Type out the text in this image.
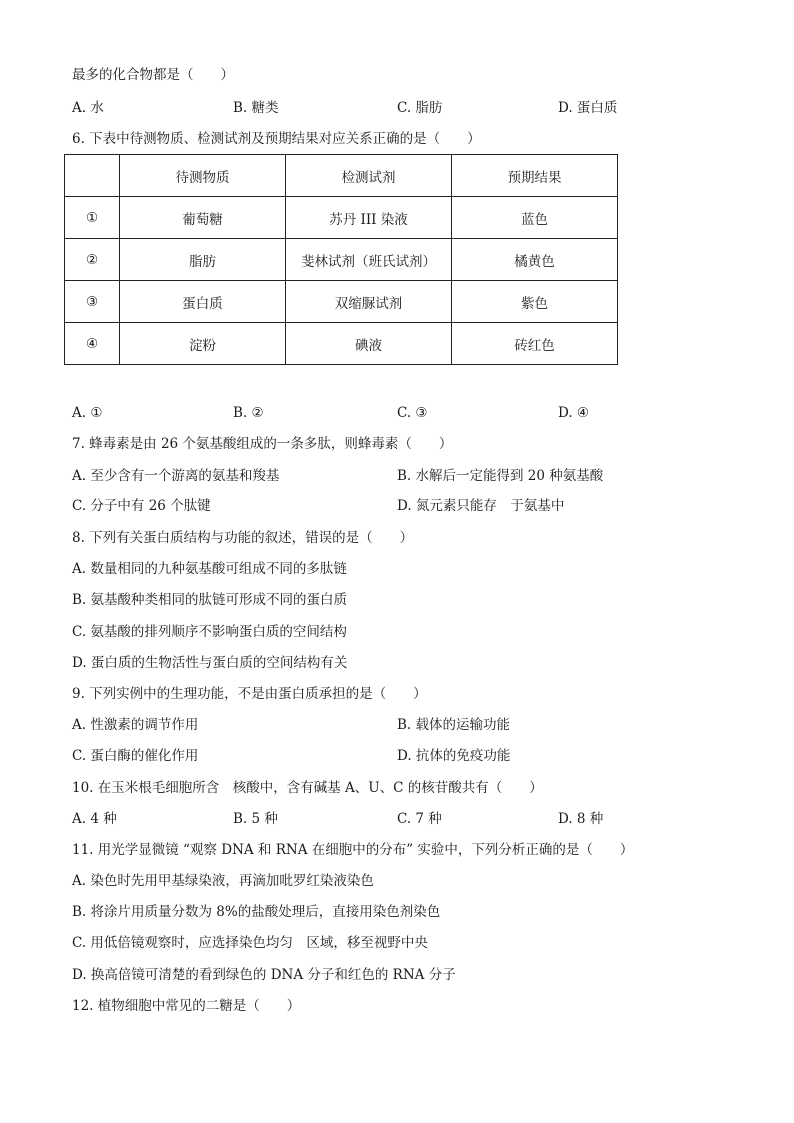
最多的化合物都是（　　）
A. 水	B. 糖类	C. 脂肪	D. 蛋白质
6. 下表中待测物质、检测试剂及预期结果对应关系正确的是（　　）
	待测物质	检测试剂	预期结果
①	葡萄糖	苏丹 III 染液	蓝色
②	脂肪	斐林试剂（班氏试剂）	橘黄色
③	蛋白质	双缩脲试剂	紫色
④	淀粉	碘液	砖红色
A. ①	B. ②	C. ③	D. ④
7. 蜂毒素是由 26 个氨基酸组成的一条多肽，则蜂毒素（　　）
A. 至少含有一个游离的氨基和羧基	B. 水解后一定能得到 20 种氨基酸
C. 分子中有 26 个肽键	D. 氮元素只能存　于氨基中
8. 下列有关蛋白质结构与功能的叙述，错误的是（　　）
A. 数量相同的九种氨基酸可组成不同的多肽链
B. 氨基酸种类相同的肽链可形成不同的蛋白质
C. 氨基酸的排列顺序不影响蛋白质的空间结构
D. 蛋白质的生物活性与蛋白质的空间结构有关
9. 下列实例中的生理功能，不是由蛋白质承担的是（　　）
A. 性激素的调节作用	B. 载体的运输功能
C. 蛋白酶的催化作用	D. 抗体的免疫功能
10. 在玉米根毛细胞所含　核酸中，含有碱基 A、U、C 的核苷酸共有（　　）
A. 4 种	B. 5 种	C. 7 种	D. 8 种
11. 用光学显微镜 “观察 DNA 和 RNA 在细胞中的分布” 实验中，下列分析正确的是（　　）
A. 染色时先用甲基绿染液，再滴加吡罗红染液染色
B. 将涂片用质量分数为 8%的盐酸处理后，直接用染色剂染色
C. 用低倍镜观察时，应选择染色均匀　区域，移至视野中央
D. 换高倍镜可清楚的看到绿色的 DNA 分子和红色的 RNA 分子
12. 植物细胞中常见的二糖是（　　）
